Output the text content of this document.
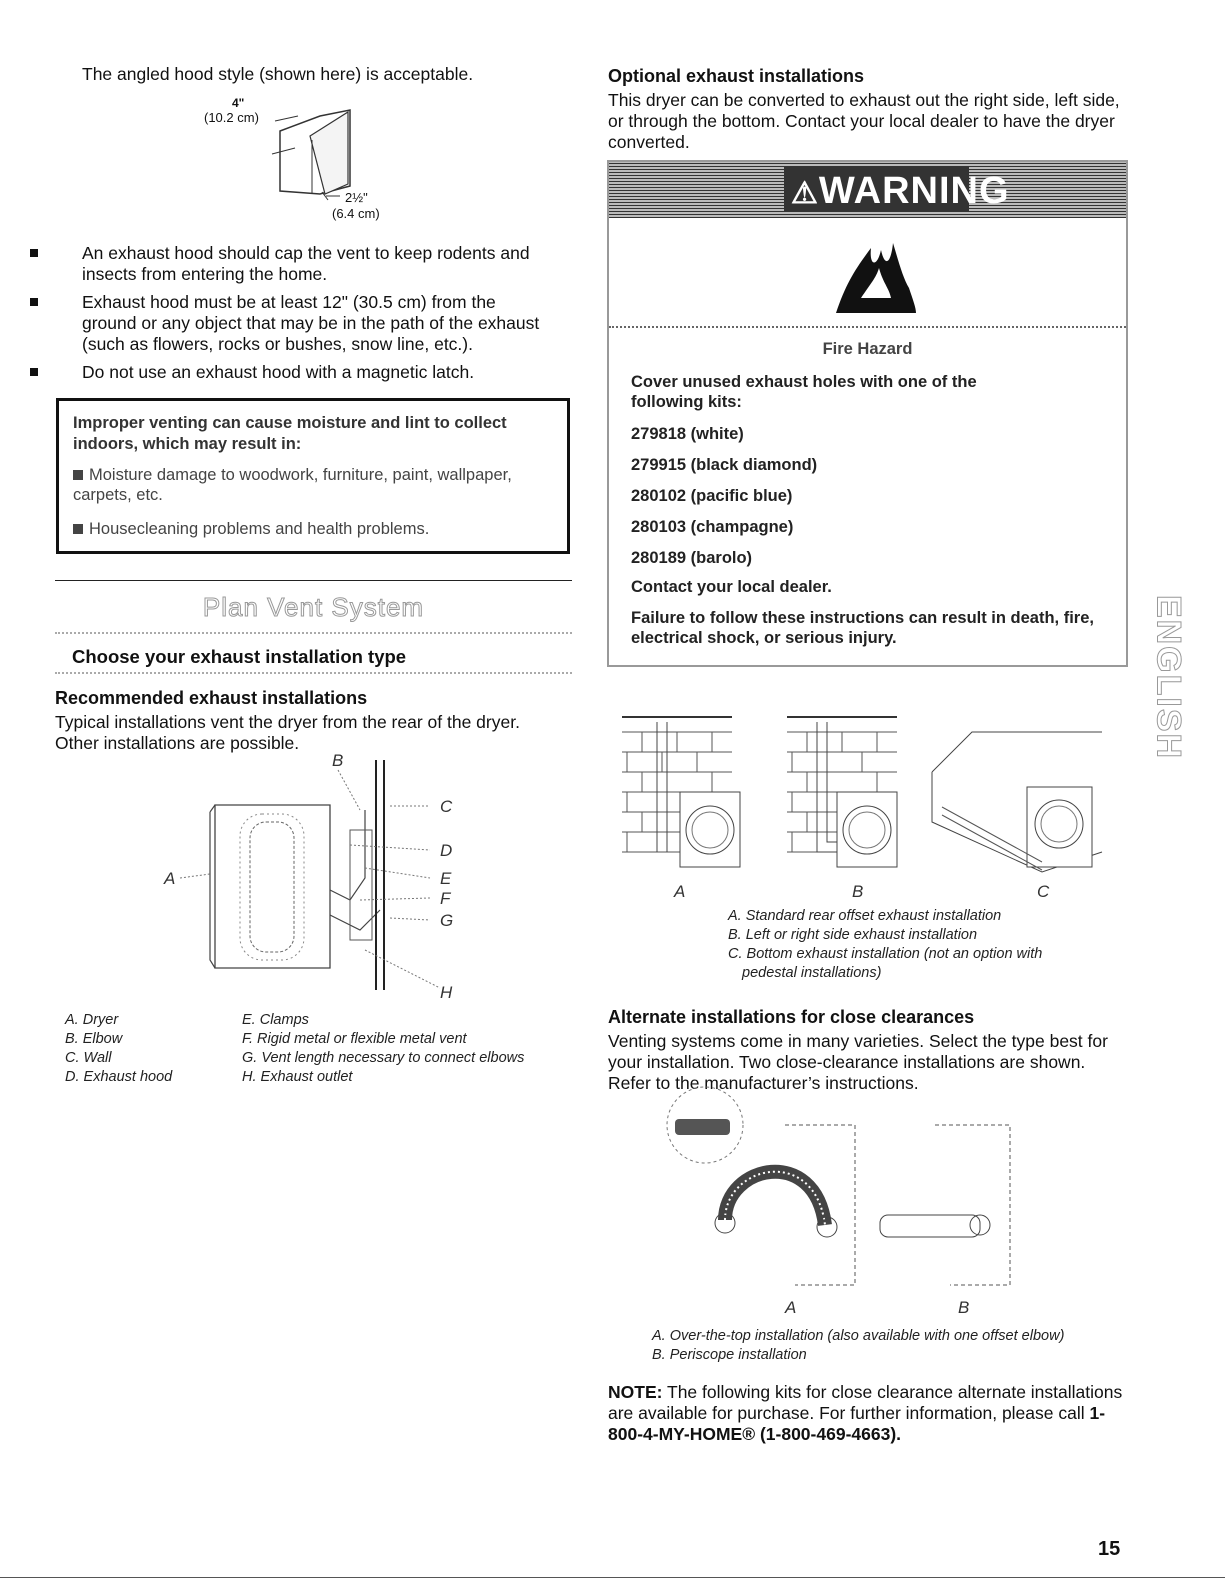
The angled hood style (shown here) is acceptable.
4"
(10.2 cm)
2½"
(6.4 cm)
An exhaust hood should cap the vent to keep rodents and insects from entering the home.
Exhaust hood must be at least 12" (30.5 cm) from the ground or any object that may be in the path of the exhaust (such as flowers, rocks or bushes, snow line, etc.).
Do not use an exhaust hood with a magnetic latch.
Improper venting can cause moisture and lint to collect indoors, which may result in:
Moisture damage to woodwork, furniture, paint, wallpaper, carpets, etc.
Housecleaning problems and health problems.
Plan Vent System
Choose your exhaust installation type
Recommended exhaust installations
Typical installations vent the dryer from the rear of the dryer. Other installations are possible.
B
C
D
E
F
G
H
A
A. Dryer
B. Elbow
C. Wall
D. Exhaust hood
E. Clamps
F. Rigid metal or flexible metal vent
G. Vent length necessary to connect elbows
H. Exhaust outlet
Optional exhaust installations
This dryer can be converted to exhaust out the right side, left side, or through the bottom. Contact your local dealer to have the dryer converted.
⚠WARNING
Fire Hazard
Cover unused exhaust holes with one of the following kits:
279818 (white)
279915 (black diamond)
280102 (pacific blue)
280103 (champagne)
280189 (barolo)
Contact your local dealer.
Failure to follow these instructions can result in death, fire, electrical shock, or serious injury.
A	B	C
A. Standard rear offset exhaust installation
B. Left or right side exhaust installation
C. Bottom exhaust installation (not an option with pedestal installations)
Alternate installations for close clearances
Venting systems come in many varieties. Select the type best for your installation. Two close-clearance installations are shown. Refer to the manufacturer’s instructions.
A	B
A. Over-the-top installation (also available with one offset elbow)
B. Periscope installation
NOTE: The following kits for close clearance alternate installations are available for purchase. For further information, please call 1-800-4-MY-HOME® (1-800-469-4663).
ENGLISH
15
